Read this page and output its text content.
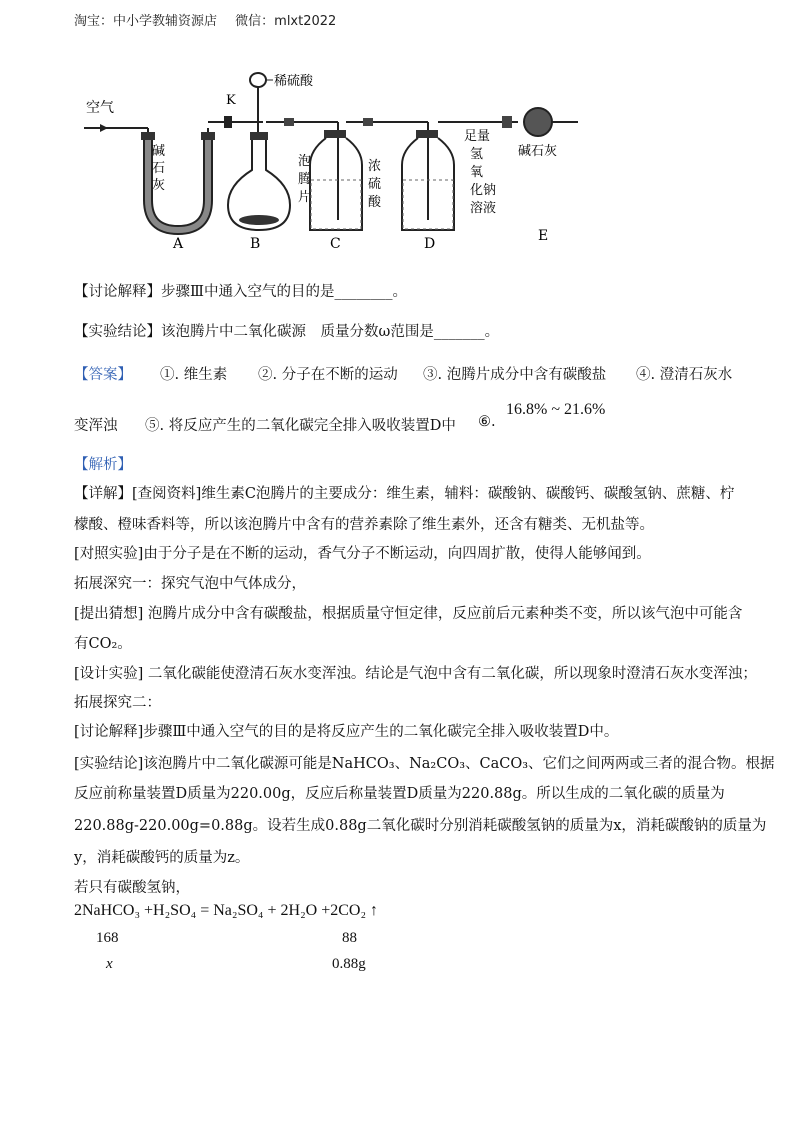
淘宝：中小学教辅资源店 微信：mlxt2022
空气
碱
石
灰
K
稀硫酸
泡
腾
片
浓
硫
酸
足量
氢
氧
化钠
溶液
碱石灰
A	B	C	D	E
【讨论解释】步骤Ⅲ中通入空气的目的是________。
【实验结论】该泡腾片中二氧化碳源　质量分数ω范围是_______。
【答案】 ①. 维生素 ②. 分子在不断的运动 ③. 泡腾片成分中含有碳酸盐 ④. 澄清石灰水
变浑浊 ⑤. 将反应产生的二氧化碳完全排入吸收装置D中 ⑥.
16.8% ~ 21.6%
【解析】
【详解】[查阅资料]维生素C泡腾片的主要成分：维生素，辅料：碳酸钠、碳酸钙、碳酸氢钠、蔗糖、柠
檬酸、橙味香料等，所以该泡腾片中含有的营养素除了维生素外，还含有糖类、无机盐等。
[对照实验]由于分子是在不断的运动，香气分子不断运动，向四周扩散，使得人能够闻到。
拓展深究一：探究气泡中气体成分，
[提出猜想] 泡腾片成分中含有碳酸盐，根据质量守恒定律，反应前后元素种类不变，所以该气泡中可能含
有CO₂。
[设计实验] 二氧化碳能使澄清石灰水变浑浊。结论是气泡中含有二氧化碳，所以现象时澄清石灰水变浑浊；
拓展探究二：
[讨论解释]步骤Ⅲ中通入空气的目的是将反应产生的二氧化碳完全排入吸收装置D中。
[实验结论]该泡腾片中二氧化碳源可能是NaHCO₃、Na₂CO₃、CaCO₃、它们之间两两或三者的混合物。根据
反应前称量装置D质量为220.00g，反应后称量装置D质量为220.88g。所以生成的二氧化碳的质量为
220.88g-220.00g=0.88g。设若生成0.88g二氧化碳时分别消耗碳酸氢钠的质量为x，消耗碳酸钠的质量为
y，消耗碳酸钙的质量为z。
若只有碳酸氢钠，
2NaHCO₃ +H₂SO₄ = Na₂SO₄ + 2H₂O +2CO₂ ↑
168	88
x	0.88g
